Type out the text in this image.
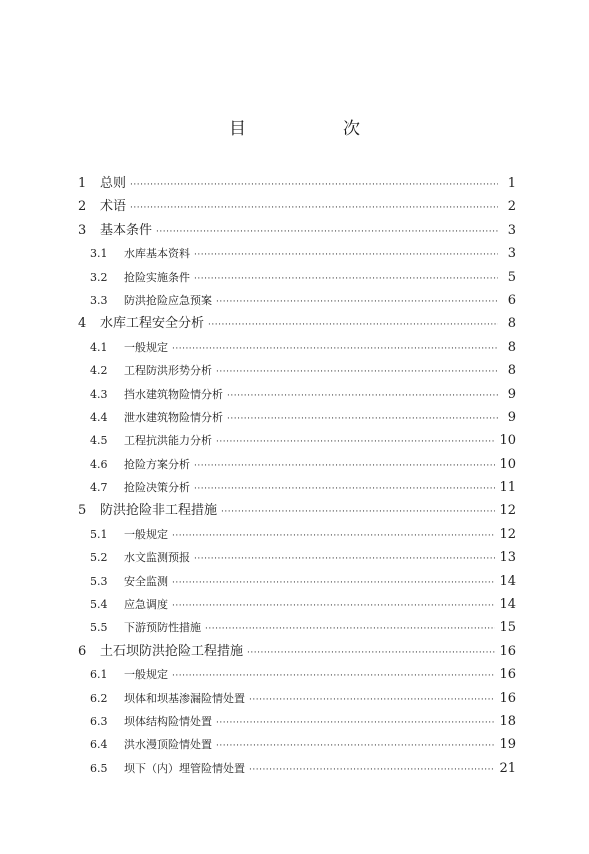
目　次
1	总则 ·····	1
2	术语 ·····	2
3	基本条件 ·····	3
3.1	水库基本资料 ·····	3
3.2	抢险实施条件 ·····	5
3.3	防洪抢险应急预案 ·····	6
4	水库工程安全分析 ·····	8
4.1	一般规定 ·····	8
4.2	工程防洪形势分析 ·····	8
4.3	挡水建筑物险情分析 ·····	9
4.4	泄水建筑物险情分析 ·····	9
4.5	工程抗洪能力分析 ·····	10
4.6	抢险方案分析 ·····	10
4.7	抢险决策分析 ·····	11
5	防洪抢险非工程措施 ·····	12
5.1	一般规定 ·····	12
5.2	水文监测预报 ·····	13
5.3	安全监测 ·····	14
5.4	应急调度 ·····	14
5.5	下游预防性措施 ·····	15
6	土石坝防洪抢险工程措施 ·····	16
6.1	一般规定 ·····	16
6.2	坝体和坝基渗漏险情处置 ·····	16
6.3	坝体结构险情处置 ·····	18
6.4	洪水漫顶险情处置 ·····	19
6.5	坝下（内）埋管险情处置 ·····	21
